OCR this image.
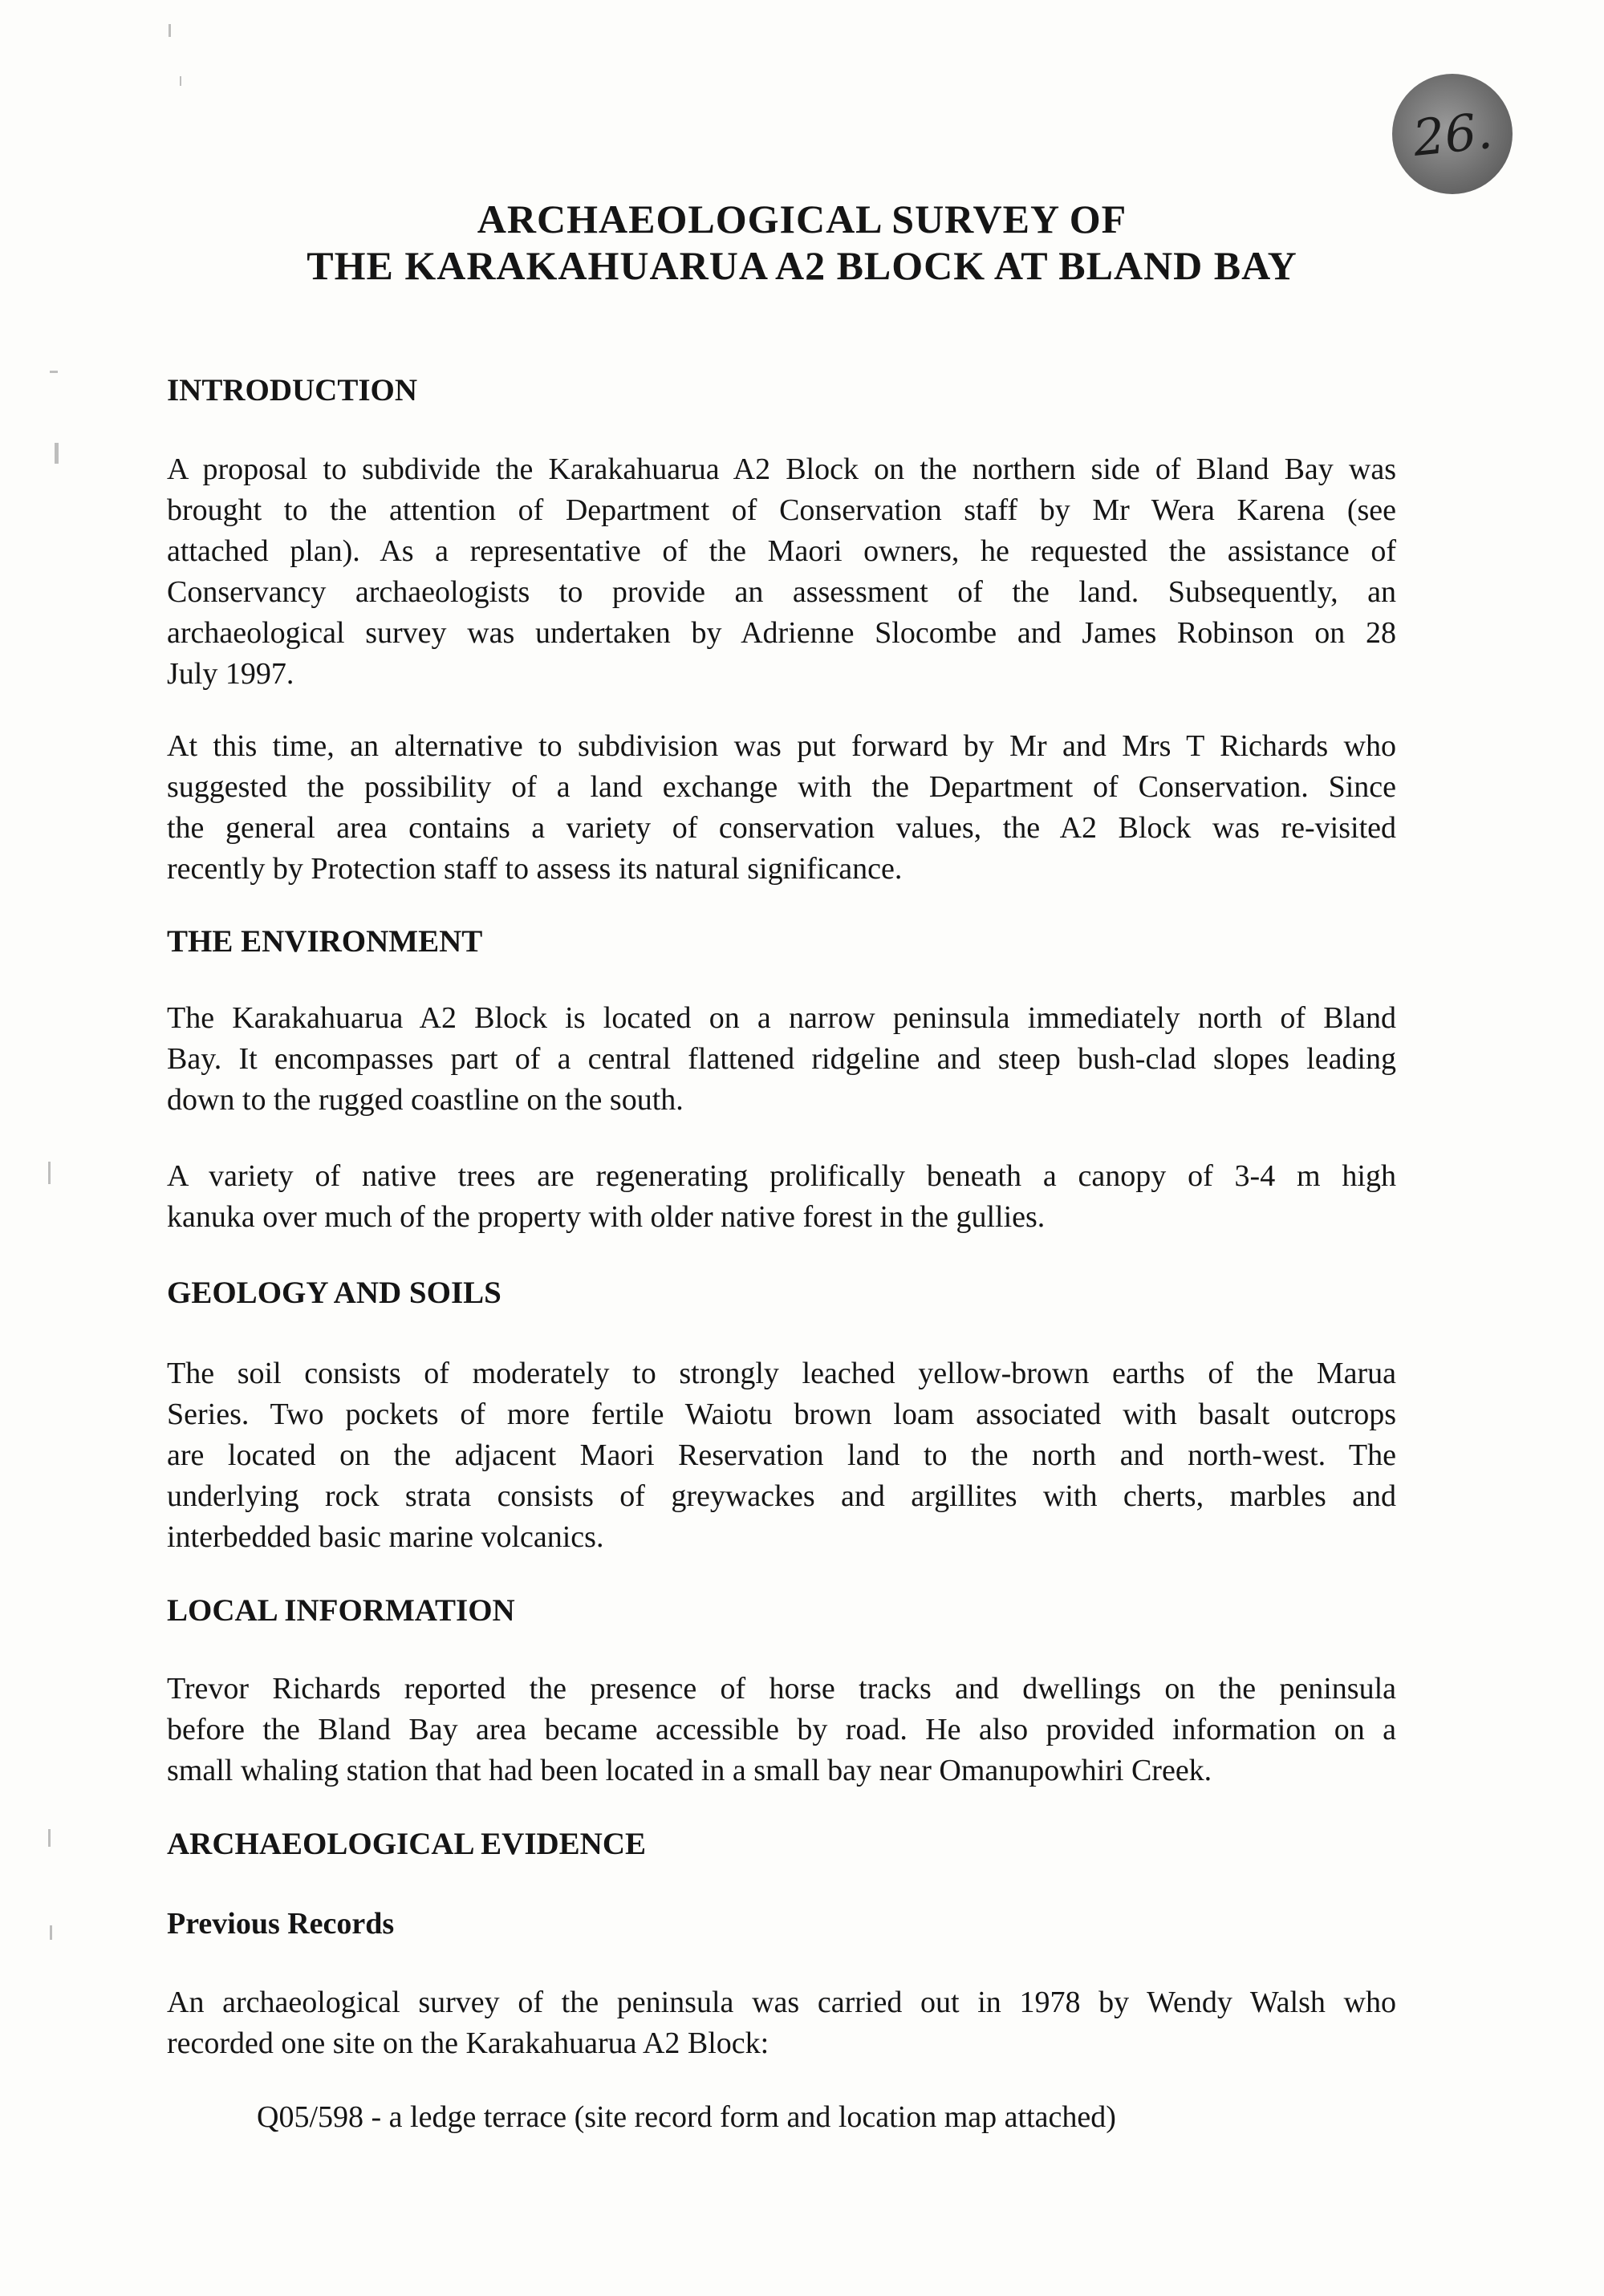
26.
ARCHAEOLOGICAL SURVEY OF
THE KARAKAHUARUA A2 BLOCK AT BLAND BAY
INTRODUCTION

A proposal to subdivide the Karakahuarua A2 Block on the northern side of Bland Bay was
brought to the attention of Department of Conservation staff by Mr Wera Karena (see
attached plan). As a representative of the Maori owners, he requested the assistance of
Conservancy archaeologists to provide an assessment of the land. Subsequently, an
archaeological survey was undertaken by Adrienne Slocombe and James Robinson on 28
July 1997.

At this time, an alternative to subdivision was put forward by Mr and Mrs T Richards who
suggested the possibility of a land exchange with the Department of Conservation. Since
the general area contains a variety of conservation values, the A2 Block was re-visited
recently by Protection staff to assess its natural significance.

THE ENVIRONMENT

The Karakahuarua A2 Block is located on a narrow peninsula immediately north of Bland
Bay. It encompasses part of a central flattened ridgeline and steep bush-clad slopes leading
down to the rugged coastline on the south.

A variety of native trees are regenerating prolifically beneath a canopy of 3-4 m high
kanuka over much of the property with older native forest in the gullies.

GEOLOGY AND SOILS

The soil consists of moderately to strongly leached yellow-brown earths of the Marua
Series. Two pockets of more fertile Waiotu brown loam associated with basalt outcrops
are located on the adjacent Maori Reservation land to the north and north-west. The
underlying rock strata consists of greywackes and argillites with cherts, marbles and
interbedded basic marine volcanics.

LOCAL INFORMATION

Trevor Richards reported the presence of horse tracks and dwellings on the peninsula
before the Bland Bay area became accessible by road. He also provided information on a
small whaling station that had been located in a small bay near Omanupowhiri Creek.

ARCHAEOLOGICAL EVIDENCE
Previous Records

An archaeological survey of the peninsula was carried out in 1978 by Wendy Walsh who
recorded one site on the Karakahuarua A2 Block:

Q05/598 - a ledge terrace (site record form and location map attached)
